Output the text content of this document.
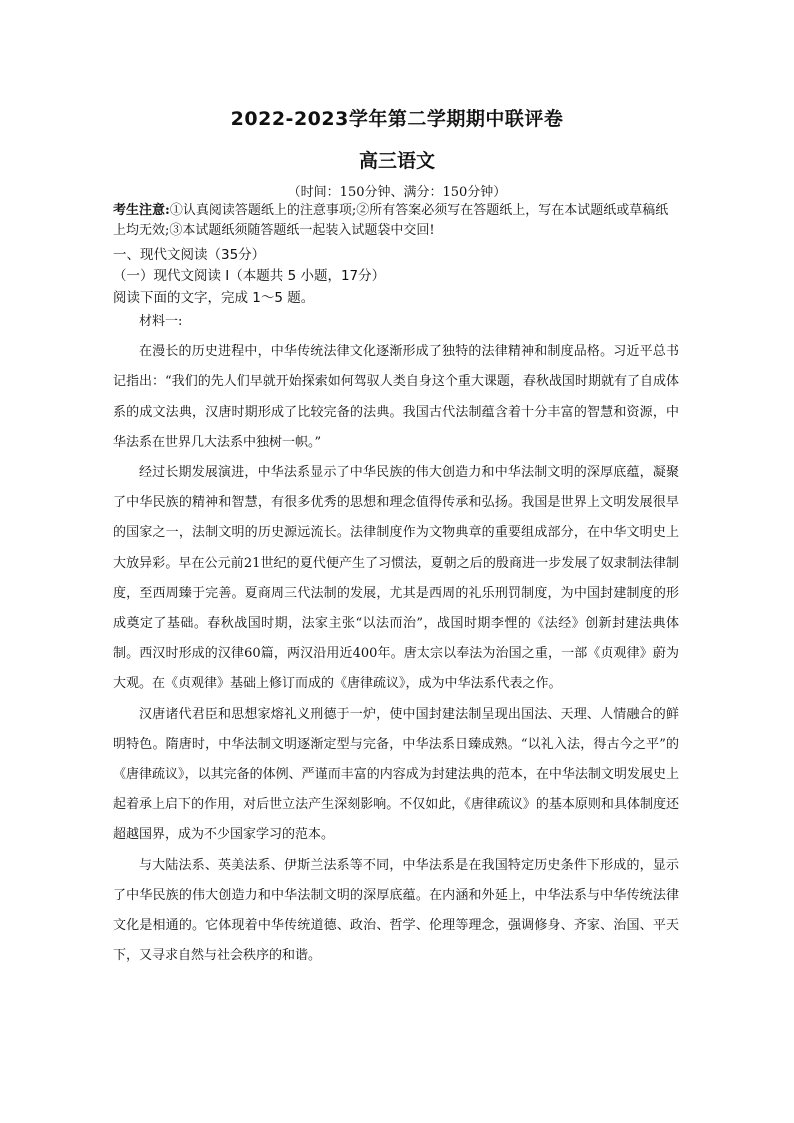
2022-2023学年第二学期期中联评卷
高三语文

（时间：150分钟、满分：150分钟）

考生注意:①认真阅读答题纸上的注意事项;②所有答案必须写在答题纸上，写在本试题纸或草稿纸上均无效;③本试题纸须随答题纸一起装入试题袋中交回!

一、现代文阅读（35分）

（一）现代文阅读 I（本题共 5 小题，17分）

阅读下面的文字，完成 1～5 题。

材料一:

在漫长的历史进程中，中华传统法律文化逐渐形成了独特的法律精神和制度品格。习近平总书记指出：“我们的先人们早就开始探索如何驾驭人类自身这个重大课题，春秋战国时期就有了自成体系的成文法典，汉唐时期形成了比较完备的法典。我国古代法制蕴含着十分丰富的智慧和资源，中华法系在世界几大法系中独树一帜。”

经过长期发展演进，中华法系显示了中华民族的伟大创造力和中华法制文明的深厚底蕴，凝聚了中华民族的精神和智慧，有很多优秀的思想和理念值得传承和弘扬。我国是世界上文明发展很早的国家之一，法制文明的历史源远流长。法律制度作为文物典章的重要组成部分，在中华文明史上大放异彩。早在公元前21世纪的夏代便产生了习惯法，夏朝之后的殷商进一步发展了奴隶制法律制度，至西周臻于完善。夏商周三代法制的发展，尤其是西周的礼乐刑罚制度，为中国封建制度的形成奠定了基础。春秋战国时期，法家主张“以法而治”，战国时期李悝的《法经》创新封建法典体制。西汉时形成的汉律60篇，两汉沿用近400年。唐太宗以奉法为治国之重，一部《贞观律》蔚为大观。在《贞观律》基础上修订而成的《唐律疏议》，成为中华法系代表之作。

汉唐诸代君臣和思想家熔礼义刑德于一炉，使中国封建法制呈现出国法、天理、人情融合的鲜明特色。隋唐时，中华法制文明逐渐定型与完备，中华法系日臻成熟。“以礼入法，得古今之平”的《唐律疏议》，以其完备的体例、严谨而丰富的内容成为封建法典的范本，在中华法制文明发展史上起着承上启下的作用，对后世立法产生深刻影响。不仅如此，《唐律疏议》的基本原则和具体制度还超越国界，成为不少国家学习的范本。

与大陆法系、英美法系、伊斯兰法系等不同，中华法系是在我国特定历史条件下形成的，显示了中华民族的伟大创造力和中华法制文明的深厚底蕴。在内涵和外延上，中华法系与中华传统法律文化是相通的。它体现着中华传统道德、政治、哲学、伦理等理念，强调修身、齐家、治国、平天下，又寻求自然与社会秩序的和谐。
